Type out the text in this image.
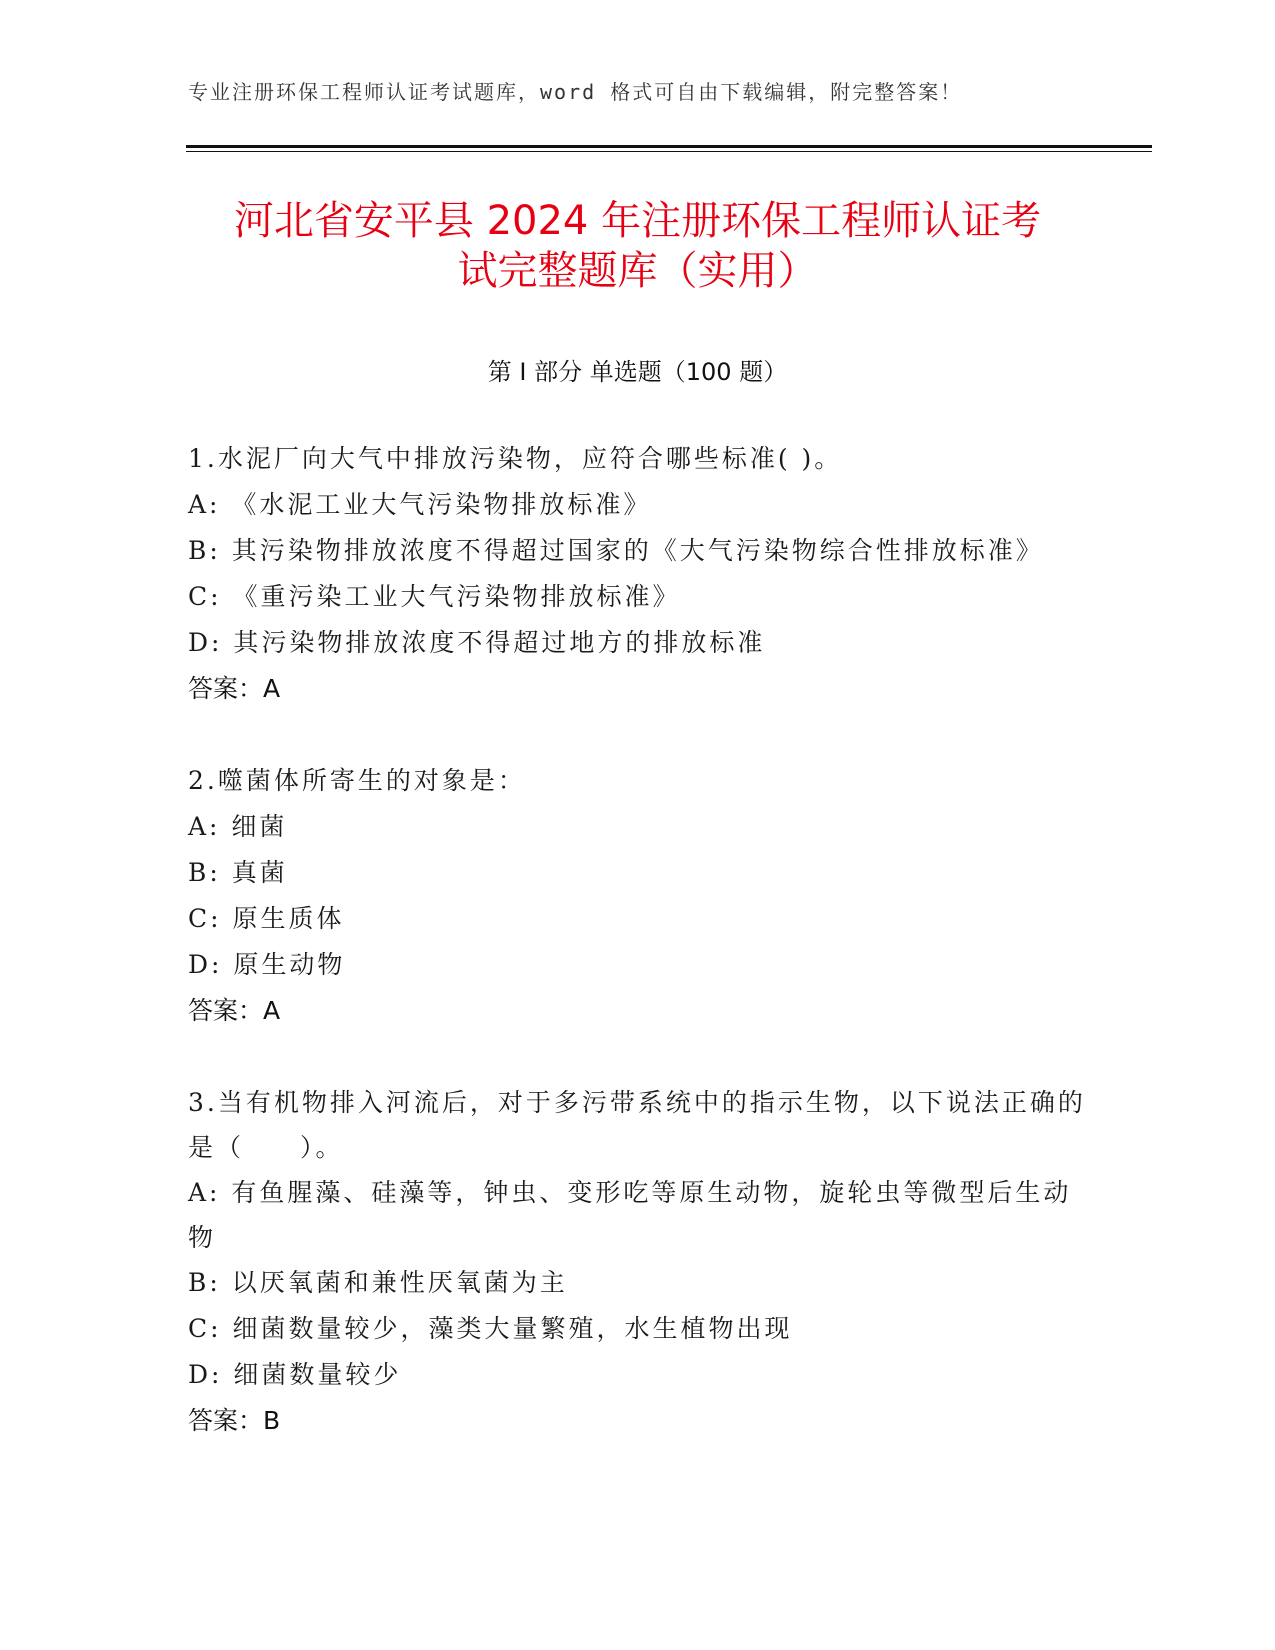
专业注册环保工程师认证考试题库，word 格式可自由下载编辑，附完整答案！
河北省安平县 2024 年注册环保工程师认证考
试完整题库（实用）
第 I 部分 单选题（100 题）

1.水泥厂向大气中排放污染物，应符合哪些标准( )。

A: 《水泥工业大气污染物排放标准》

B: 其污染物排放浓度不得超过国家的《大气污染物综合性排放标准》

C: 《重污染工业大气污染物排放标准》

D: 其污染物排放浓度不得超过地方的排放标准

答案：A

2.噬菌体所寄生的对象是：

A: 细菌

B: 真菌

C: 原生质体

D: 原生动物

答案：A

3.当有机物排入河流后，对于多污带系统中的指示生物，以下说法正确的是（　　）。

A: 有鱼腥藻、硅藻等，钟虫、变形吃等原生动物，旋轮虫等微型后生动物

B: 以厌氧菌和兼性厌氧菌为主

C: 细菌数量较少，藻类大量繁殖，水生植物出现

D: 细菌数量较少

答案：B
